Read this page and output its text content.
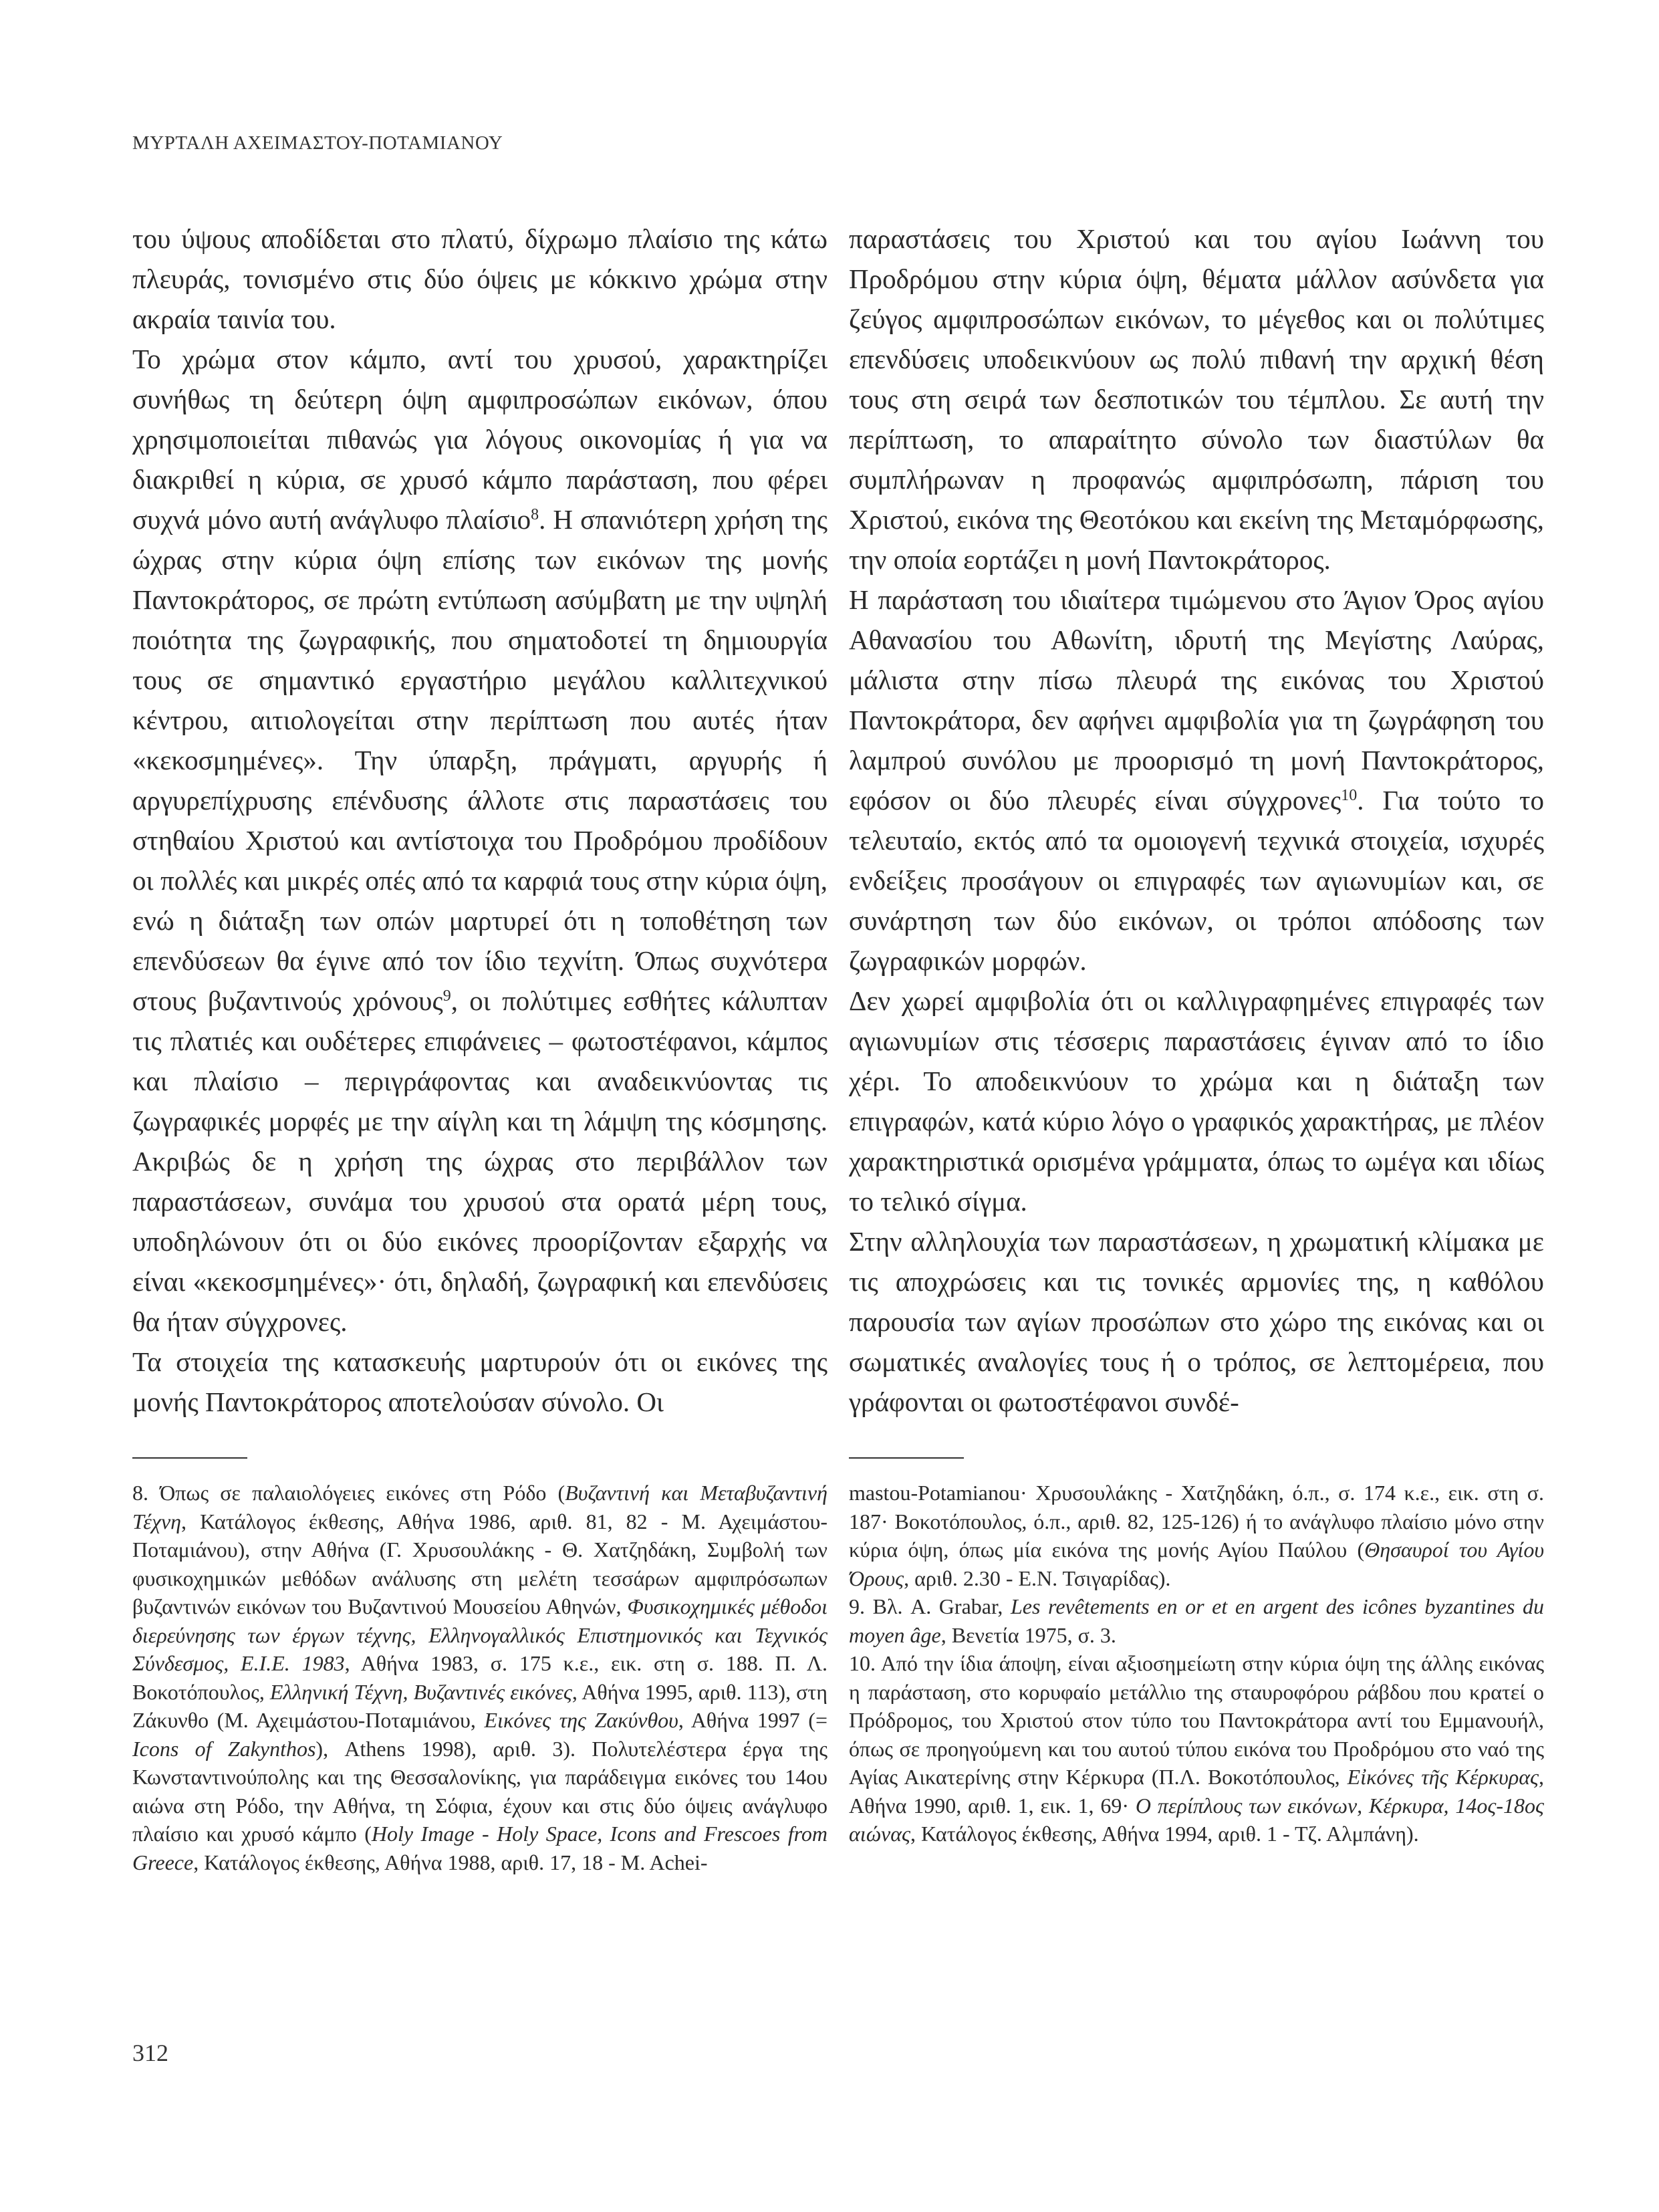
ΜΥΡΤΑΛΗ ΑΧΕΙΜΑΣΤΟΥ-ΠΟΤΑΜΙΑΝΟΥ

του ύψους αποδίδεται στο πλατύ, δίχρωμο πλαίσιο της κάτω πλευράς, τονισμένο στις δύο όψεις με κόκκινο χρώμα στην ακραία ταινία του.

Το χρώμα στον κάμπο, αντί του χρυσού, χαρακτηρίζει συνήθως τη δεύτερη όψη αμφιπροσώπων εικόνων, όπου χρησιμοποιείται πιθανώς για λόγους οικονομίας ή για να διακριθεί η κύρια, σε χρυσό κάμπο παράσταση, που φέρει συχνά μόνο αυτή ανάγλυφο πλαίσιο$^8$. Η σπανιότερη χρήση της ώχρας στην κύρια όψη επίσης των εικόνων της μονής Παντοκράτορος, σε πρώτη εντύπωση ασύμβατη με την υψηλή ποιότητα της ζωγραφικής, που σηματοδοτεί τη δημιουργία τους σε σημαντικό εργαστήριο μεγάλου καλλιτεχνικού κέντρου, αιτιολογείται στην περίπτωση που αυτές ήταν «κεκοσμημένες». Την ύπαρξη, πράγματι, αργυρής ή αργυρεπίχρυσης επένδυσης άλλοτε στις παραστάσεις του στηθαίου Χριστού και αντίστοιχα του Προδρόμου προδίδουν οι πολλές και μικρές οπές από τα καρφιά τους στην κύρια όψη, ενώ η διάταξη των οπών μαρτυρεί ότι η τοποθέτηση των επενδύσεων θα έγινε από τον ίδιο τεχνίτη. Όπως συχνότερα στους βυζαντινούς χρόνους$^9$, οι πολύτιμες εσθήτες κάλυπταν τις πλατιές και ουδέτερες επιφάνειες – φωτοστέφανοι, κάμπος και πλαίσιο – περιγράφοντας και αναδεικνύοντας τις ζωγραφικές μορφές με την αίγλη και τη λάμψη της κόσμησης. Ακριβώς δε η χρήση της ώχρας στο περιβάλλον των παραστάσεων, συνάμα του χρυσού στα ορατά μέρη τους, υποδηλώνουν ότι οι δύο εικόνες προορίζονταν εξαρχής να είναι «κεκοσμημένες»· ότι, δηλαδή, ζωγραφική και επενδύσεις θα ήταν σύγχρονες.

Τα στοιχεία της κατασκευής μαρτυρούν ότι οι εικόνες της μονής Παντοκράτορος αποτελούσαν σύνολο. Οι

παραστάσεις του Χριστού και του αγίου Ιωάννη του Προδρόμου στην κύρια όψη, θέματα μάλλον ασύνδετα για ζεύγος αμφιπροσώπων εικόνων, το μέγεθος και οι πολύτιμες επενδύσεις υποδεικνύουν ως πολύ πιθανή την αρχική θέση τους στη σειρά των δεσποτικών του τέμπλου. Σε αυτή την περίπτωση, το απαραίτητο σύνολο των διαστύλων θα συμπλήρωναν η προφανώς αμφιπρόσωπη, πάριση του Χριστού, εικόνα της Θεοτόκου και εκείνη της Μεταμόρφωσης, την οποία εορτάζει η μονή Παντοκράτορος.

Η παράσταση του ιδιαίτερα τιμώμενου στο Άγιον Όρος αγίου Αθανασίου του Αθωνίτη, ιδρυτή της Μεγίστης Λαύρας, μάλιστα στην πίσω πλευρά της εικόνας του Χριστού Παντοκράτορα, δεν αφήνει αμφιβολία για τη ζωγράφηση του λαμπρού συνόλου με προορισμό τη μονή Παντοκράτορος, εφόσον οι δύο πλευρές είναι σύγχρονες$^{10}$. Για τούτο το τελευταίο, εκτός από τα ομοιογενή τεχνικά στοιχεία, ισχυρές ενδείξεις προσάγουν οι επιγραφές των αγιωνυμίων και, σε συνάρτηση των δύο εικόνων, οι τρόποι απόδοσης των ζωγραφικών μορφών.

Δεν χωρεί αμφιβολία ότι οι καλλιγραφημένες επιγραφές των αγιωνυμίων στις τέσσερις παραστάσεις έγιναν από το ίδιο χέρι. Το αποδεικνύουν το χρώμα και η διάταξη των επιγραφών, κατά κύριο λόγο ο γραφικός χαρακτήρας, με πλέον χαρακτηριστικά ορισμένα γράμματα, όπως το ωμέγα και ιδίως το τελικό σίγμα.

Στην αλληλουχία των παραστάσεων, η χρωματική κλίμακα με τις αποχρώσεις και τις τονικές αρμονίες της, η καθόλου παρουσία των αγίων προσώπων στο χώρο της εικόνας και οι σωματικές αναλογίες τους ή ο τρόπος, σε λεπτομέρεια, που γράφονται οι φωτοστέφανοι συνδέ-

8. Όπως σε παλαιολόγειες εικόνες στη Ρόδο (Βυζαντινή και Μεταβυζαντινή Τέχνη, Κατάλογος έκθεσης, Αθήνα 1986, αριθ. 81, 82 - Μ. Αχειμάστου-Ποταμιάνου), στην Αθήνα (Γ. Χρυσουλάκης - Θ. Χατζηδάκη, Συμβολή των φυσικοχημικών μεθόδων ανάλυσης στη μελέτη τεσσάρων αμφιπρόσωπων βυζαντινών εικόνων του Βυζαντινού Μουσείου Αθηνών, Φυσικοχημικές μέθοδοι διερεύνησης των έργων τέχνης, Ελληνογαλλικός Επιστημονικός και Τεχνικός Σύνδεσμος, Ε.Ι.Ε. 1983, Αθήνα 1983, σ. 175 κ.ε., εικ. στη σ. 188. Π. Λ. Βοκοτόπουλος, Ελληνική Τέχνη, Βυζαντινές εικόνες, Αθήνα 1995, αριθ. 113), στη Ζάκυνθο (Μ. Αχειμάστου-Ποταμιάνου, Εικόνες της Ζακύνθου, Αθήνα 1997 (= Icons of Zakynthos), Athens 1998), αριθ. 3). Πολυτελέστερα έργα της Κωνσταντινούπολης και της Θεσσαλονίκης, για παράδειγμα εικόνες του 14ου αιώνα στη Ρόδο, την Αθήνα, τη Σόφια, έχουν και στις δύο όψεις ανάγλυφο πλαίσιο και χρυσό κάμπο (Holy Image - Holy Space, Icons and Frescoes from Greece, Κατάλογος έκθεσης, Αθήνα 1988, αριθ. 17, 18 - M. Achei-

mastou-Potamianou· Χρυσουλάκης - Χατζηδάκη, ό.π., σ. 174 κ.ε., εικ. στη σ. 187· Βοκοτόπουλος, ό.π., αριθ. 82, 125-126) ή το ανάγλυφο πλαίσιο μόνο στην κύρια όψη, όπως μία εικόνα της μονής Αγίου Παύλου (Θησαυροί του Αγίου Όρους, αριθ. 2.30 - Ε.Ν. Τσιγαρίδας).

9. Βλ. A. Grabar, Les revêtements en or et en argent des icônes byzantines du moyen âge, Βενετία 1975, σ. 3.

10. Από την ίδια άποψη, είναι αξιοσημείωτη στην κύρια όψη της άλλης εικόνας η παράσταση, στο κορυφαίο μετάλλιο της σταυροφόρου ράβδου που κρατεί ο Πρόδρομος, του Χριστού στον τύπο του Παντοκράτορα αντί του Εμμανουήλ, όπως σε προηγούμενη και του αυτού τύπου εικόνα του Προδρόμου στο ναό της Αγίας Αικατερίνης στην Κέρκυρα (Π.Λ. Βοκοτόπουλος, Εἰκόνες τῆς Κέρκυρας, Αθήνα 1990, αριθ. 1, εικ. 1, 69· Ο περίπλους των εικόνων, Κέρκυρα, 14ος-18ος αιώνας, Κατάλογος έκθεσης, Αθήνα 1994, αριθ. 1 - Τζ. Αλμπάνη).

312
